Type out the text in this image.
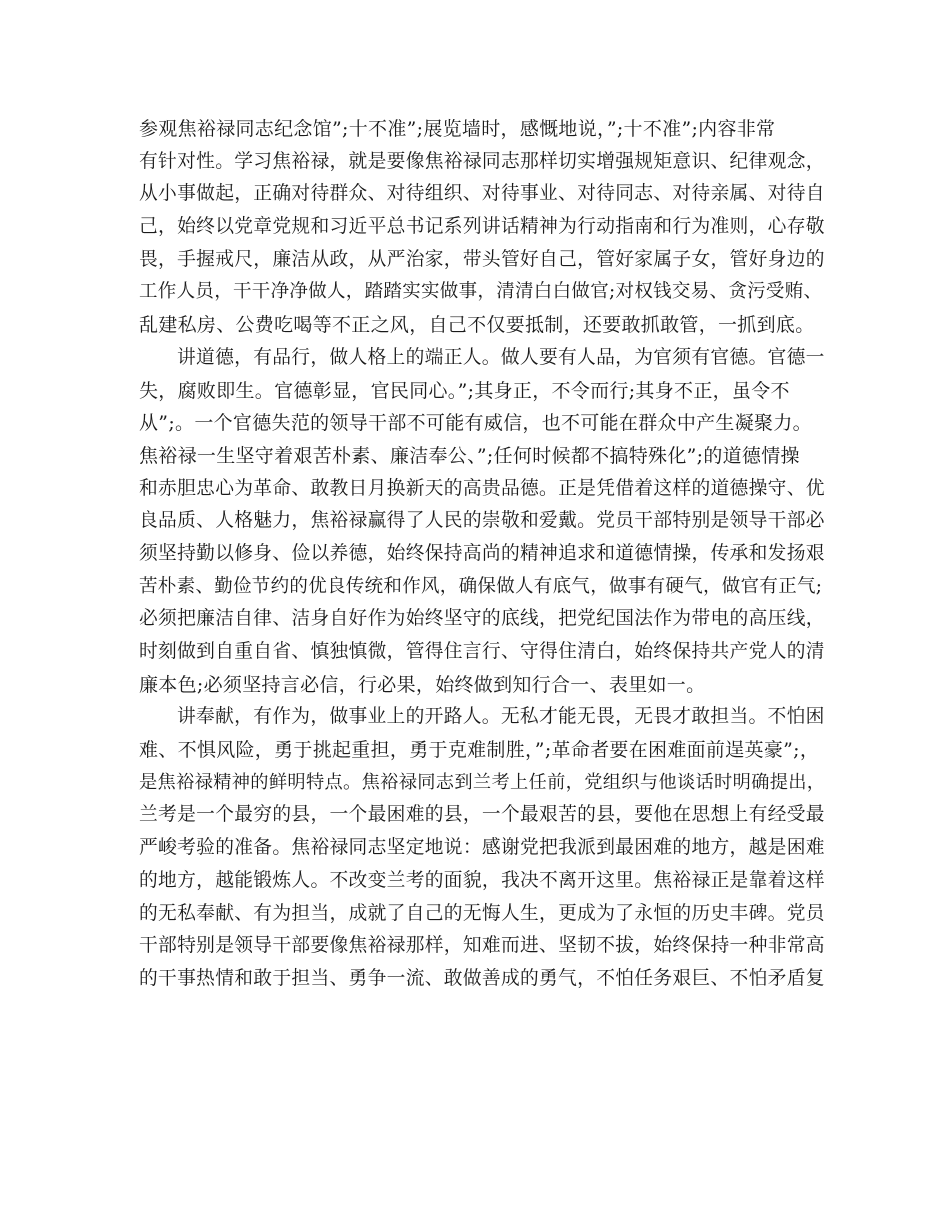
参观焦裕禄同志纪念馆”;十不准”;展览墙时，感慨地说，”;十不准”;内容非常
有针对性。学习焦裕禄，就是要像焦裕禄同志那样切实增强规矩意识、纪律观念，
从小事做起，正确对待群众、对待组织、对待事业、对待同志、对待亲属、对待自
己，始终以党章党规和习近平总书记系列讲话精神为行动指南和行为准则，心存敬
畏，手握戒尺，廉洁从政，从严治家，带头管好自己，管好家属子女，管好身边的
工作人员，干干净净做人，踏踏实实做事，清清白白做官;对权钱交易、贪污受贿、
乱建私房、公费吃喝等不正之风，自己不仅要抵制，还要敢抓敢管，一抓到底。
讲道德，有品行，做人格上的端正人。做人要有人品，为官须有官德。官德一
失，腐败即生。官德彰显，官民同心。”;其身正，不令而行;其身不正，虽令不
从”;。一个官德失范的领导干部不可能有威信，也不可能在群众中产生凝聚力。
焦裕禄一生坚守着艰苦朴素、廉洁奉公、”;任何时候都不搞特殊化”;的道德情操
和赤胆忠心为革命、敢教日月换新天的高贵品德。正是凭借着这样的道德操守、优
良品质、人格魅力，焦裕禄赢得了人民的崇敬和爱戴。党员干部特别是领导干部必
须坚持勤以修身、俭以养德，始终保持高尚的精神追求和道德情操，传承和发扬艰
苦朴素、勤俭节约的优良传统和作风，确保做人有底气，做事有硬气，做官有正气;
必须把廉洁自律、洁身自好作为始终坚守的底线，把党纪国法作为带电的高压线，
时刻做到自重自省、慎独慎微，管得住言行、守得住清白，始终保持共产党人的清
廉本色;必须坚持言必信，行必果，始终做到知行合一、表里如一。
讲奉献，有作为，做事业上的开路人。无私才能无畏，无畏才敢担当。不怕困
难、不惧风险，勇于挑起重担，勇于克难制胜，”;革命者要在困难面前逞英豪”;，
是焦裕禄精神的鲜明特点。焦裕禄同志到兰考上任前，党组织与他谈话时明确提出，
兰考是一个最穷的县，一个最困难的县，一个最艰苦的县，要他在思想上有经受最
严峻考验的准备。焦裕禄同志坚定地说：感谢党把我派到最困难的地方，越是困难
的地方，越能锻炼人。不改变兰考的面貌，我决不离开这里。焦裕禄正是靠着这样
的无私奉献、有为担当，成就了自己的无悔人生，更成为了永恒的历史丰碑。党员
干部特别是领导干部要像焦裕禄那样，知难而进、坚韧不拔，始终保持一种非常高
的干事热情和敢于担当、勇争一流、敢做善成的勇气，不怕任务艰巨、不怕矛盾复
